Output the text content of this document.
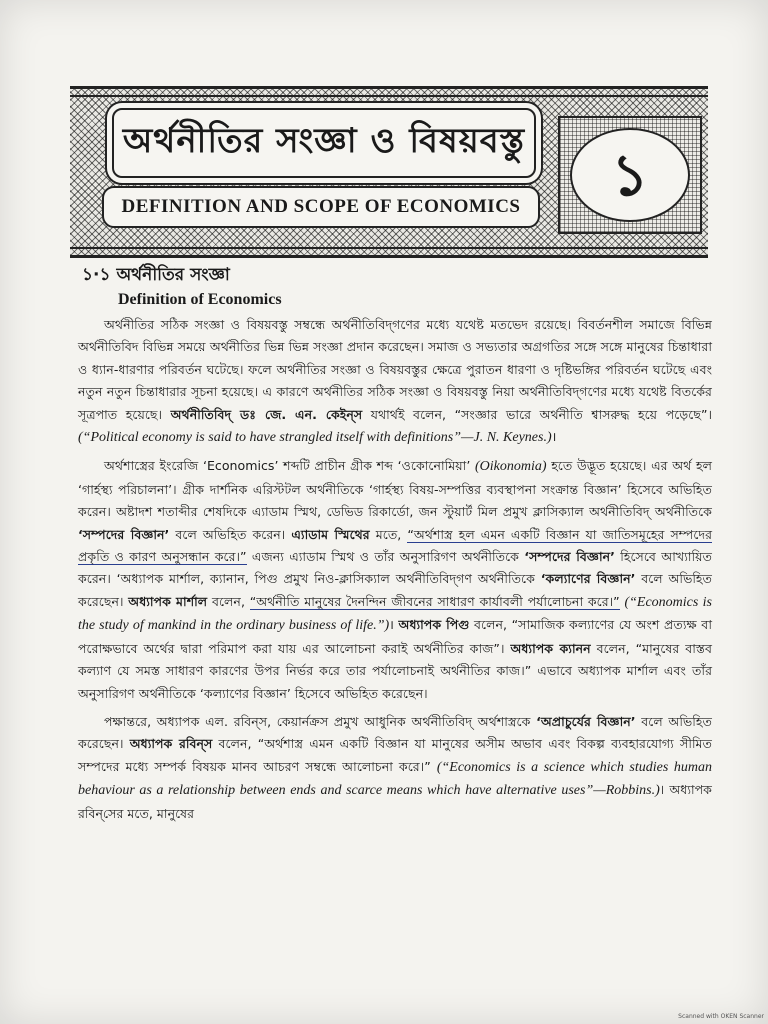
অর্থনীতির সংজ্ঞা ও বিষয়বস্তু
DEFINITION AND SCOPE OF ECONOMICS ১
১·১ অর্থনীতির সংজ্ঞা
Definition of Economics

অর্থনীতির সঠিক সংজ্ঞা ও বিষয়বস্তু সম্বন্ধে অর্থনীতিবিদ্‌গণের মধ্যে যথেষ্ট মতভেদ রয়েছে। বিবর্তনশীল সমাজে বিভিন্ন অর্থনীতিবিদ বিভিন্ন সময়ে অর্থনীতির ভিন্ন ভিন্ন সংজ্ঞা প্রদান করেছেন। সমাজ ও সভ্যতার অগ্রগতির সঙ্গে সঙ্গে মানুষের চিন্তাধারা ও ধ্যান-ধারণার পরিবর্তন ঘটেছে। ফলে অর্থনীতির সংজ্ঞা ও বিষয়বস্তুর ক্ষেত্রে পুরাতন ধারণা ও দৃষ্টিভঙ্গির পরিবর্তন ঘটেছে এবং নতুন নতুন চিন্তাধারার সূচনা হয়েছে। এ কারণে অর্থনীতির সঠিক সংজ্ঞা ও বিষয়বস্তু নিয়া অর্থনীতিবিদ্‌গণের মধ্যে যথেষ্ট বিতর্কের সূত্রপাত হয়েছে। অর্থনীতিবিদ্ ডঃ জে. এন. কেইন্‌স যথার্থই বলেন, “সংজ্ঞার ভারে অর্থনীতি শ্বাসরুদ্ধ হয়ে পড়েছে”। (“Political economy is said to have strangled itself with definitions”—J. N. Keynes.)।

অর্থশাস্ত্রের ইংরেজি ‘Economics’ শব্দটি প্রাচীন গ্রীক শব্দ ‘ওকোনোমিয়া’ (Oikonomia) হতে উদ্ভূত হয়েছে। এর অর্থ হল ‘গার্হস্থ্য পরিচালনা’। গ্রীক দার্শনিক এরিস্টটল অর্থনীতিকে ‘গার্হস্থ্য বিষয়-সম্পত্তির ব্যবস্থাপনা সংক্রান্ত বিজ্ঞান’ হিসেবে অভিহিত করেন। অষ্টাদশ শতাব্দীর শেষদিকে এ্যাডাম স্মিথ, ডেভিড রিকার্ডো, জন স্টুয়ার্ট মিল প্রমুখ ক্লাসিক্যাল অর্থনীতিবিদ্ অর্থনীতিকে ‘সম্পদের বিজ্ঞান’ বলে অভিহিত করেন। এ্যাডাম স্মিথের মতে, “অর্থশাস্ত্র হল এমন একটি বিজ্ঞান যা জাতিসমূহের সম্পদের প্রকৃতি ও কারণ অনুসন্ধান করে।” এজন্য এ্যাডাম স্মিথ ও তাঁর অনুসারিগণ অর্থনীতিকে ‘সম্পদের বিজ্ঞান’ হিসেবে আখ্যায়িত করেন। ‘অধ্যাপক মার্শাল, ক্যানান, পিগু প্রমুখ নিও-ক্লাসিক্যাল অর্থনীতিবিদ্‌গণ অর্থনীতিকে ‘কল্যাণের বিজ্ঞান’ বলে অভিহিত করেছেন। অধ্যাপক মার্শাল বলেন, “অর্থনীতি মানুষের দৈনন্দিন জীবনের সাধারণ কার্যাবলী পর্যালোচনা করে।” (“Economics is the study of mankind in the ordinary business of life.”)। অধ্যাপক পিগু বলেন, “সামাজিক কল্যাণের যে অংশ প্রত্যক্ষ বা পরোক্ষভাবে অর্থের দ্বারা পরিমাপ করা যায় এর আলোচনা করাই অর্থনীতির কাজ”। অধ্যাপক ক্যানন বলেন, “মানুষের বাস্তব কল্যাণ যে সমস্ত সাধারণ কারণের উপর নির্ভর করে তার পর্যালোচনাই অর্থনীতির কাজ।” এভাবে অধ্যাপক মার্শাল এবং তাঁর অনুসারিগণ অর্থনীতিকে ‘কল্যাণের বিজ্ঞান’ হিসেবে অভিহিত করেছেন।

পক্ষান্তরে, অধ্যাপক এল. রবিন্‌স, কেয়ার্নক্রস প্রমুখ আধুনিক অর্থনীতিবিদ্ অর্থশাস্ত্রকে ‘অপ্রাচুর্যের বিজ্ঞান’ বলে অভিহিত করেছেন। অধ্যাপক রবিন্‌স বলেন, “অর্থশাস্ত্র এমন একটি বিজ্ঞান যা মানুষের অসীম অভাব এবং বিকল্প ব্যবহারযোগ্য সীমিত সম্পদের মধ্যে সম্পর্ক বিষয়ক মানব আচরণ সম্বন্ধে আলোচনা করে।” (“Economics is a science which studies human behaviour as a relationship between ends and scarce means which have alternative uses”—Robbins.)। অধ্যাপক রবিন্‌সের মতে, মানুষের

Scanned with OKEN Scanner
